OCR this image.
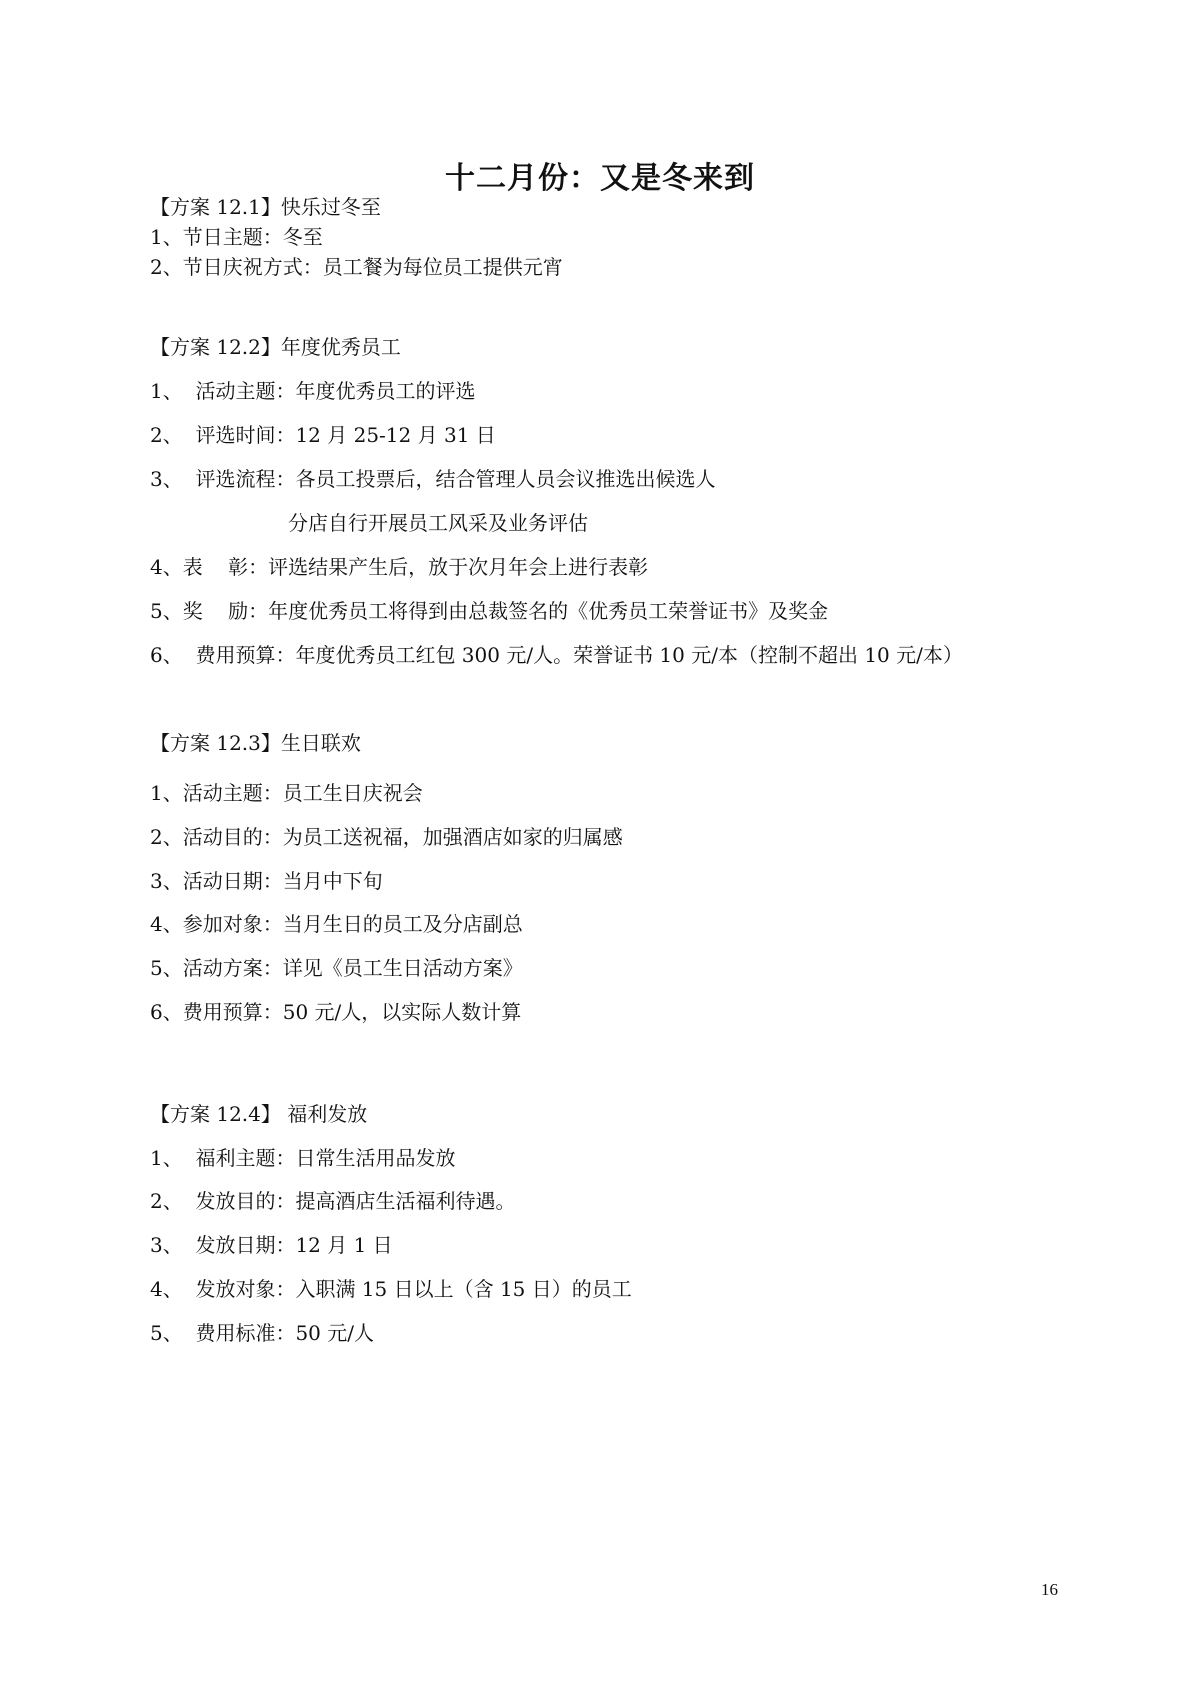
十二月份：又是冬来到
【方案 12.1】快乐过冬至
1、节日主题：冬至
2、节日庆祝方式：员工餐为每位员工提供元宵
【方案 12.2】年度优秀员工
1、  活动主题：年度优秀员工的评选
2、  评选时间：12 月 25-12 月 31 日
3、  评选流程：各员工投票后，结合管理人员会议推选出候选人
分店自行开展员工风采及业务评估
4、表    彰：评选结果产生后，放于次月年会上进行表彰
5、奖    励：年度优秀员工将得到由总裁签名的《优秀员工荣誉证书》及奖金
6、  费用预算：年度优秀员工红包 300 元/人。荣誉证书 10 元/本（控制不超出 10 元/本）
【方案 12.3】生日联欢
1、活动主题：员工生日庆祝会
2、活动目的：为员工送祝福，加强酒店如家的归属感
3、活动日期：当月中下旬
4、参加对象：当月生日的员工及分店副总
5、活动方案：详见《员工生日活动方案》
6、费用预算：50 元/人，以实际人数计算
【方案 12.4】 福利发放
1、  福利主题：日常生活用品发放
2、  发放目的：提高酒店生活福利待遇。
3、  发放日期：12 月 1 日
4、  发放对象：入职满 15 日以上（含 15 日）的员工
5、  费用标准：50 元/人
16
